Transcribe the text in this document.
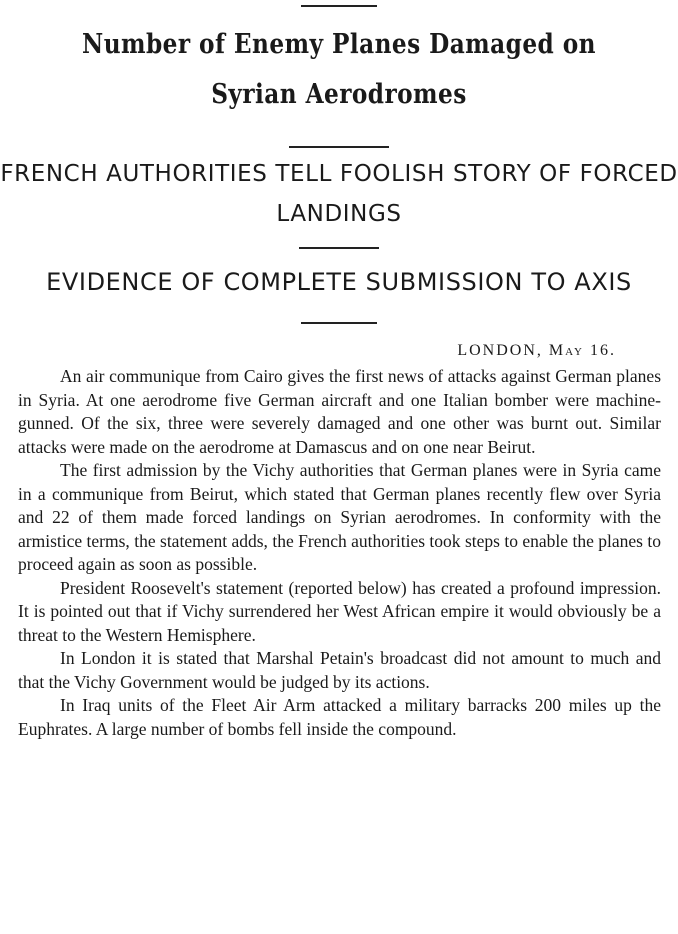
Number of Enemy Planes Damaged on Syrian Aerodromes
FRENCH AUTHORITIES TELL FOOLISH STORY OF FORCED LANDINGS
EVIDENCE OF COMPLETE SUBMISSION TO AXIS

LONDON, May 16.

An air communique from Cairo gives the first news of attacks against German planes in Syria. At one aerodrome five German aircraft and one Italian bomber were machine-gunned. Of the six, three were severely damaged and one other was burnt out. Similar attacks were made on the aerodrome at Damascus and on one near Beirut.

The first admission by the Vichy authorities that German planes were in Syria came in a communique from Beirut, which stated that German planes recently flew over Syria and 22 of them made forced landings on Syrian aerodromes. In conformity with the armistice terms, the statement adds, the French authorities took steps to enable the planes to proceed again as soon as possible.

President Roosevelt's statement (reported below) has created a profound impression. It is pointed out that if Vichy surrendered her West African empire it would obviously be a threat to the Western Hemisphere.

In London it is stated that Marshal Petain's broadcast did not amount to much and that the Vichy Government would be judged by its actions.

In Iraq units of the Fleet Air Arm attacked a military barracks 200 miles up the Euphrates. A large number of bombs fell inside the compound.
